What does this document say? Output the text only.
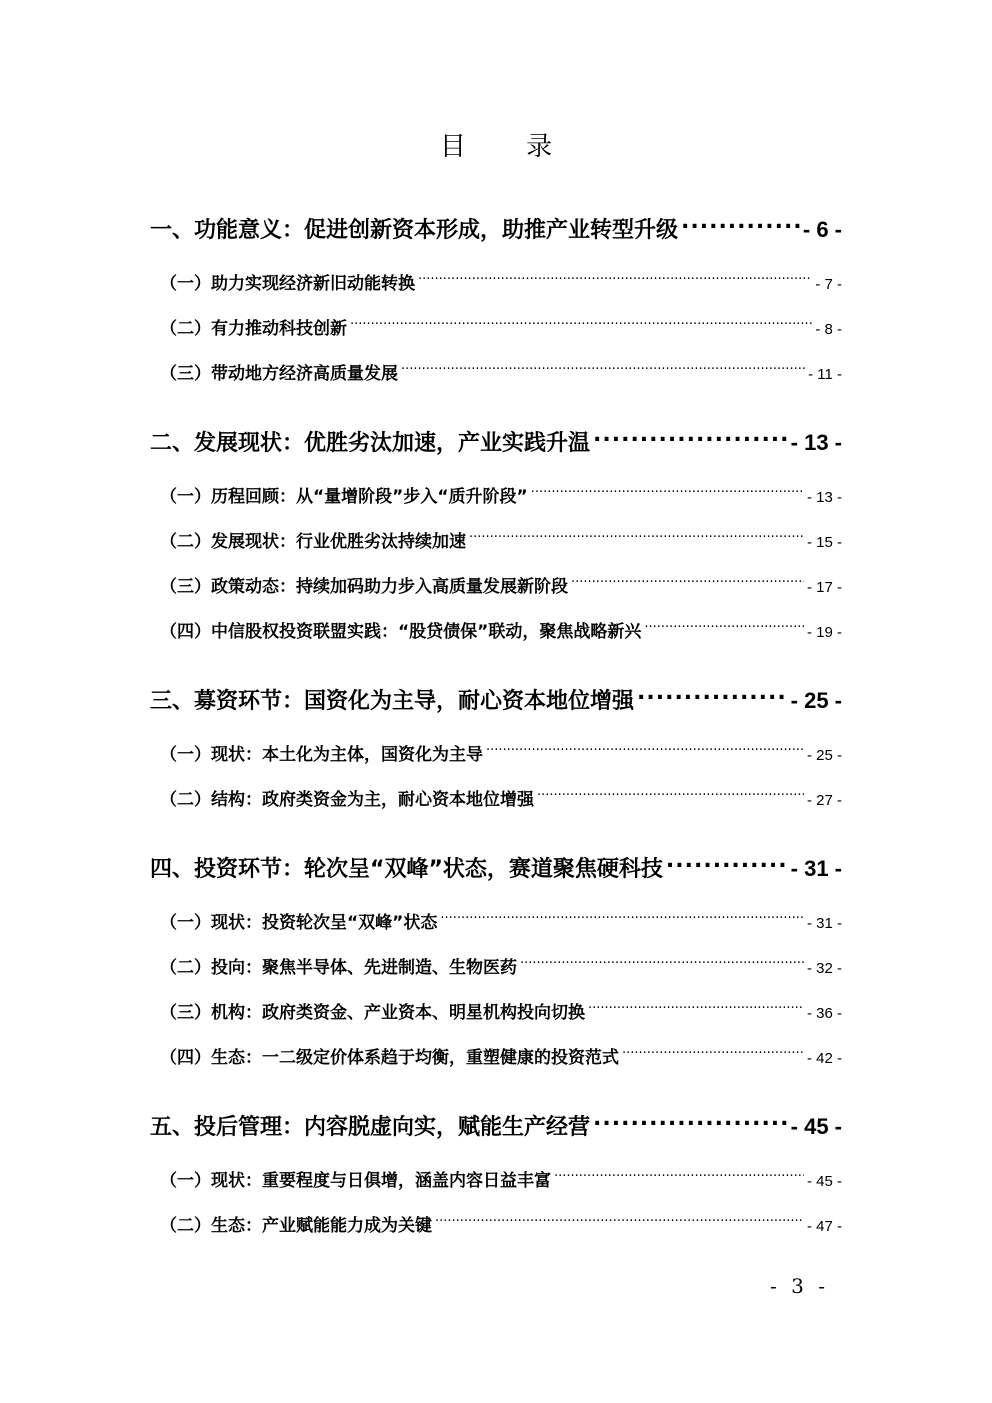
目 录
一、功能意义：促进创新资本形成，助推产业转型升级 .....	- 6 -
（一）助力实现经济新旧动能转换 .....	- 7 -
（二）有力推动科技创新 .....	- 8 -
（三）带动地方经济高质量发展 .....	- 11 -
二、发展现状：优胜劣汰加速，产业实践升温 .....	- 13 -
（一）历程回顾：从“量增阶段”步入“质升阶段” .....	- 13 -
（二）发展现状：行业优胜劣汰持续加速 .....	- 15 -
（三）政策动态：持续加码助力步入高质量发展新阶段 .....	- 17 -
（四）中信股权投资联盟实践：“股贷债保”联动，聚焦战略新兴 .....	- 19 -
三、募资环节：国资化为主导，耐心资本地位增强 .....	- 25 -
（一）现状：本土化为主体，国资化为主导 .....	- 25 -
（二）结构：政府类资金为主，耐心资本地位增强 .....	- 27 -
四、投资环节：轮次呈“双峰”状态，赛道聚焦硬科技 .....	- 31 -
（一）现状：投资轮次呈“双峰”状态 .....	- 31 -
（二）投向：聚焦半导体、先进制造、生物医药 .....	- 32 -
（三）机构：政府类资金、产业资本、明星机构投向切换 .....	- 36 -
（四）生态：一二级定价体系趋于均衡，重塑健康的投资范式 .....	- 42 -
五、投后管理：内容脱虚向实，赋能生产经营 .....	- 45 -
（一）现状：重要程度与日俱增，涵盖内容日益丰富 .....	- 45 -
（二）生态：产业赋能能力成为关键 .....	- 47 -
- 3 -
